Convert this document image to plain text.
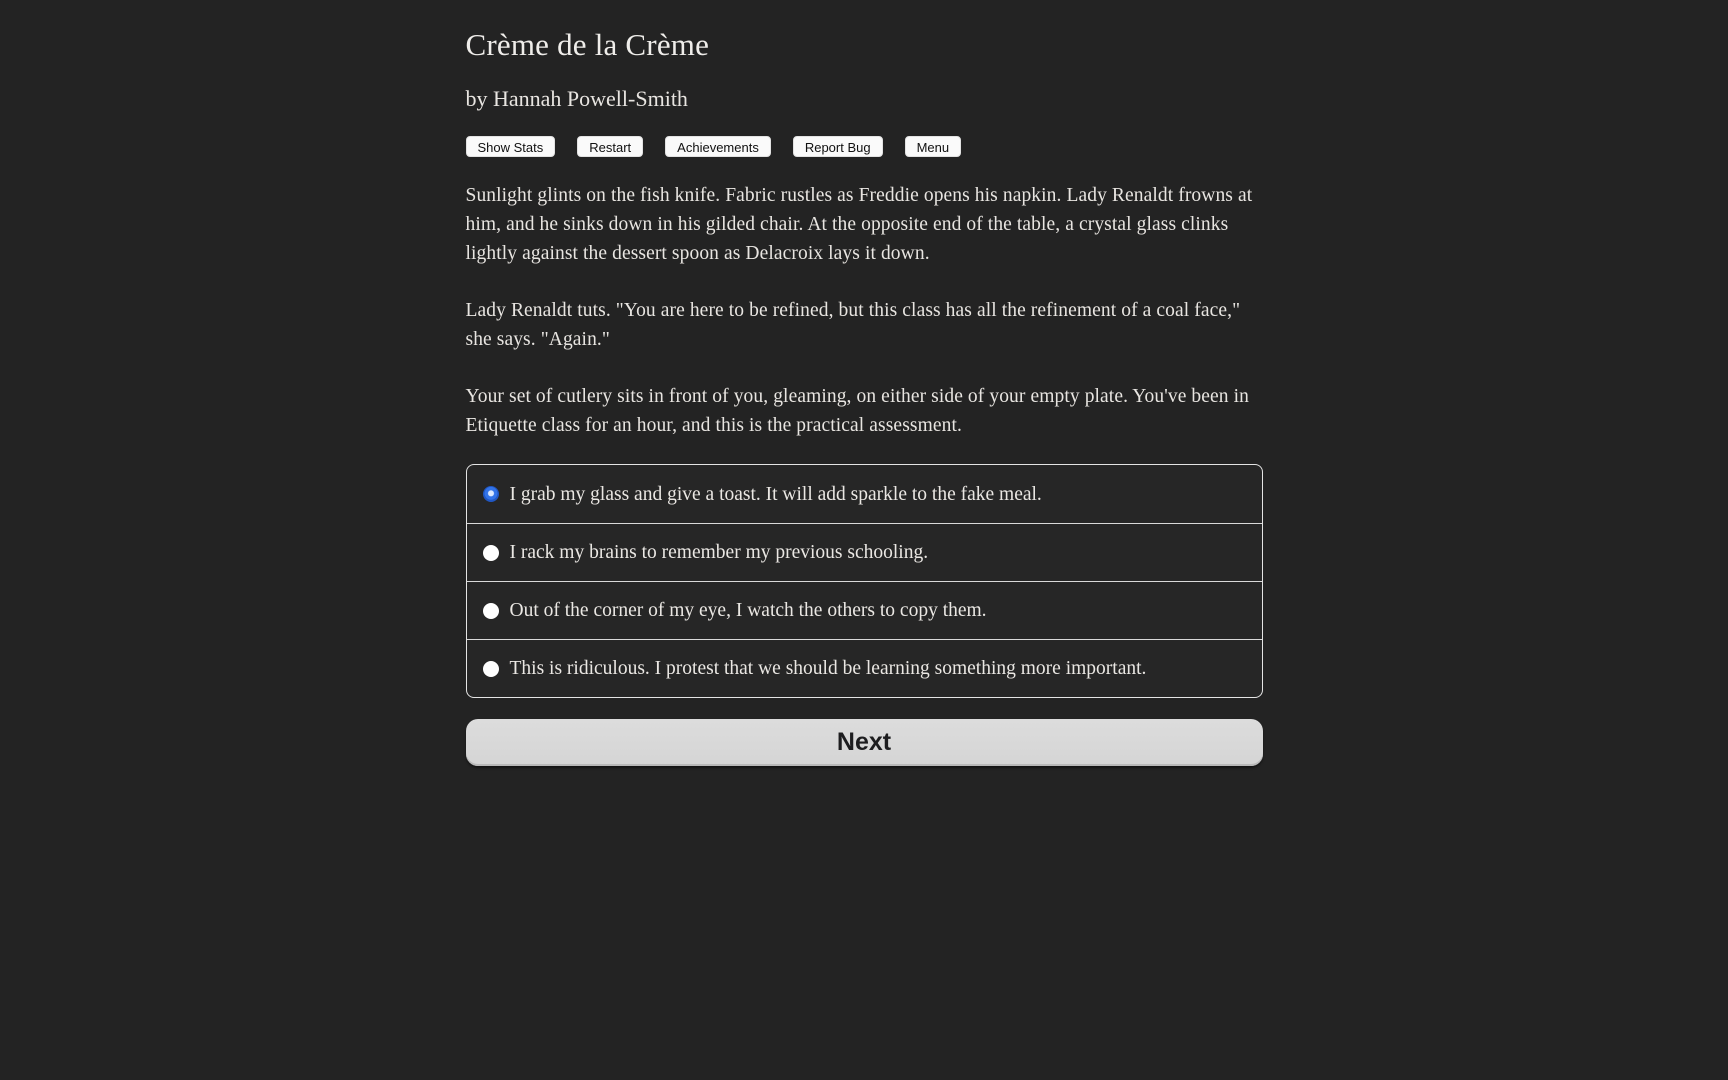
Crème de la Crème

by Hannah Powell-Smith

Show Stats	Restart	Achievements	Report Bug	Menu

Sunlight glints on the fish knife. Fabric rustles as Freddie opens his napkin. Lady Renaldt frowns at him, and he sinks down in his gilded chair. At the opposite end of the table, a crystal glass clinks lightly against the dessert spoon as Delacroix lays it down.

Lady Renaldt tuts. "You are here to be refined, but this class has all the refinement of a coal face," she says. "Again."

Your set of cutlery sits in front of you, gleaming, on either side of your empty plate. You've been in Etiquette class for an hour, and this is the practical assessment.

I grab my glass and give a toast. It will add sparkle to the fake meal.
I rack my brains to remember my previous schooling.
Out of the corner of my eye, I watch the others to copy them.
This is ridiculous. I protest that we should be learning something more important.
Next
